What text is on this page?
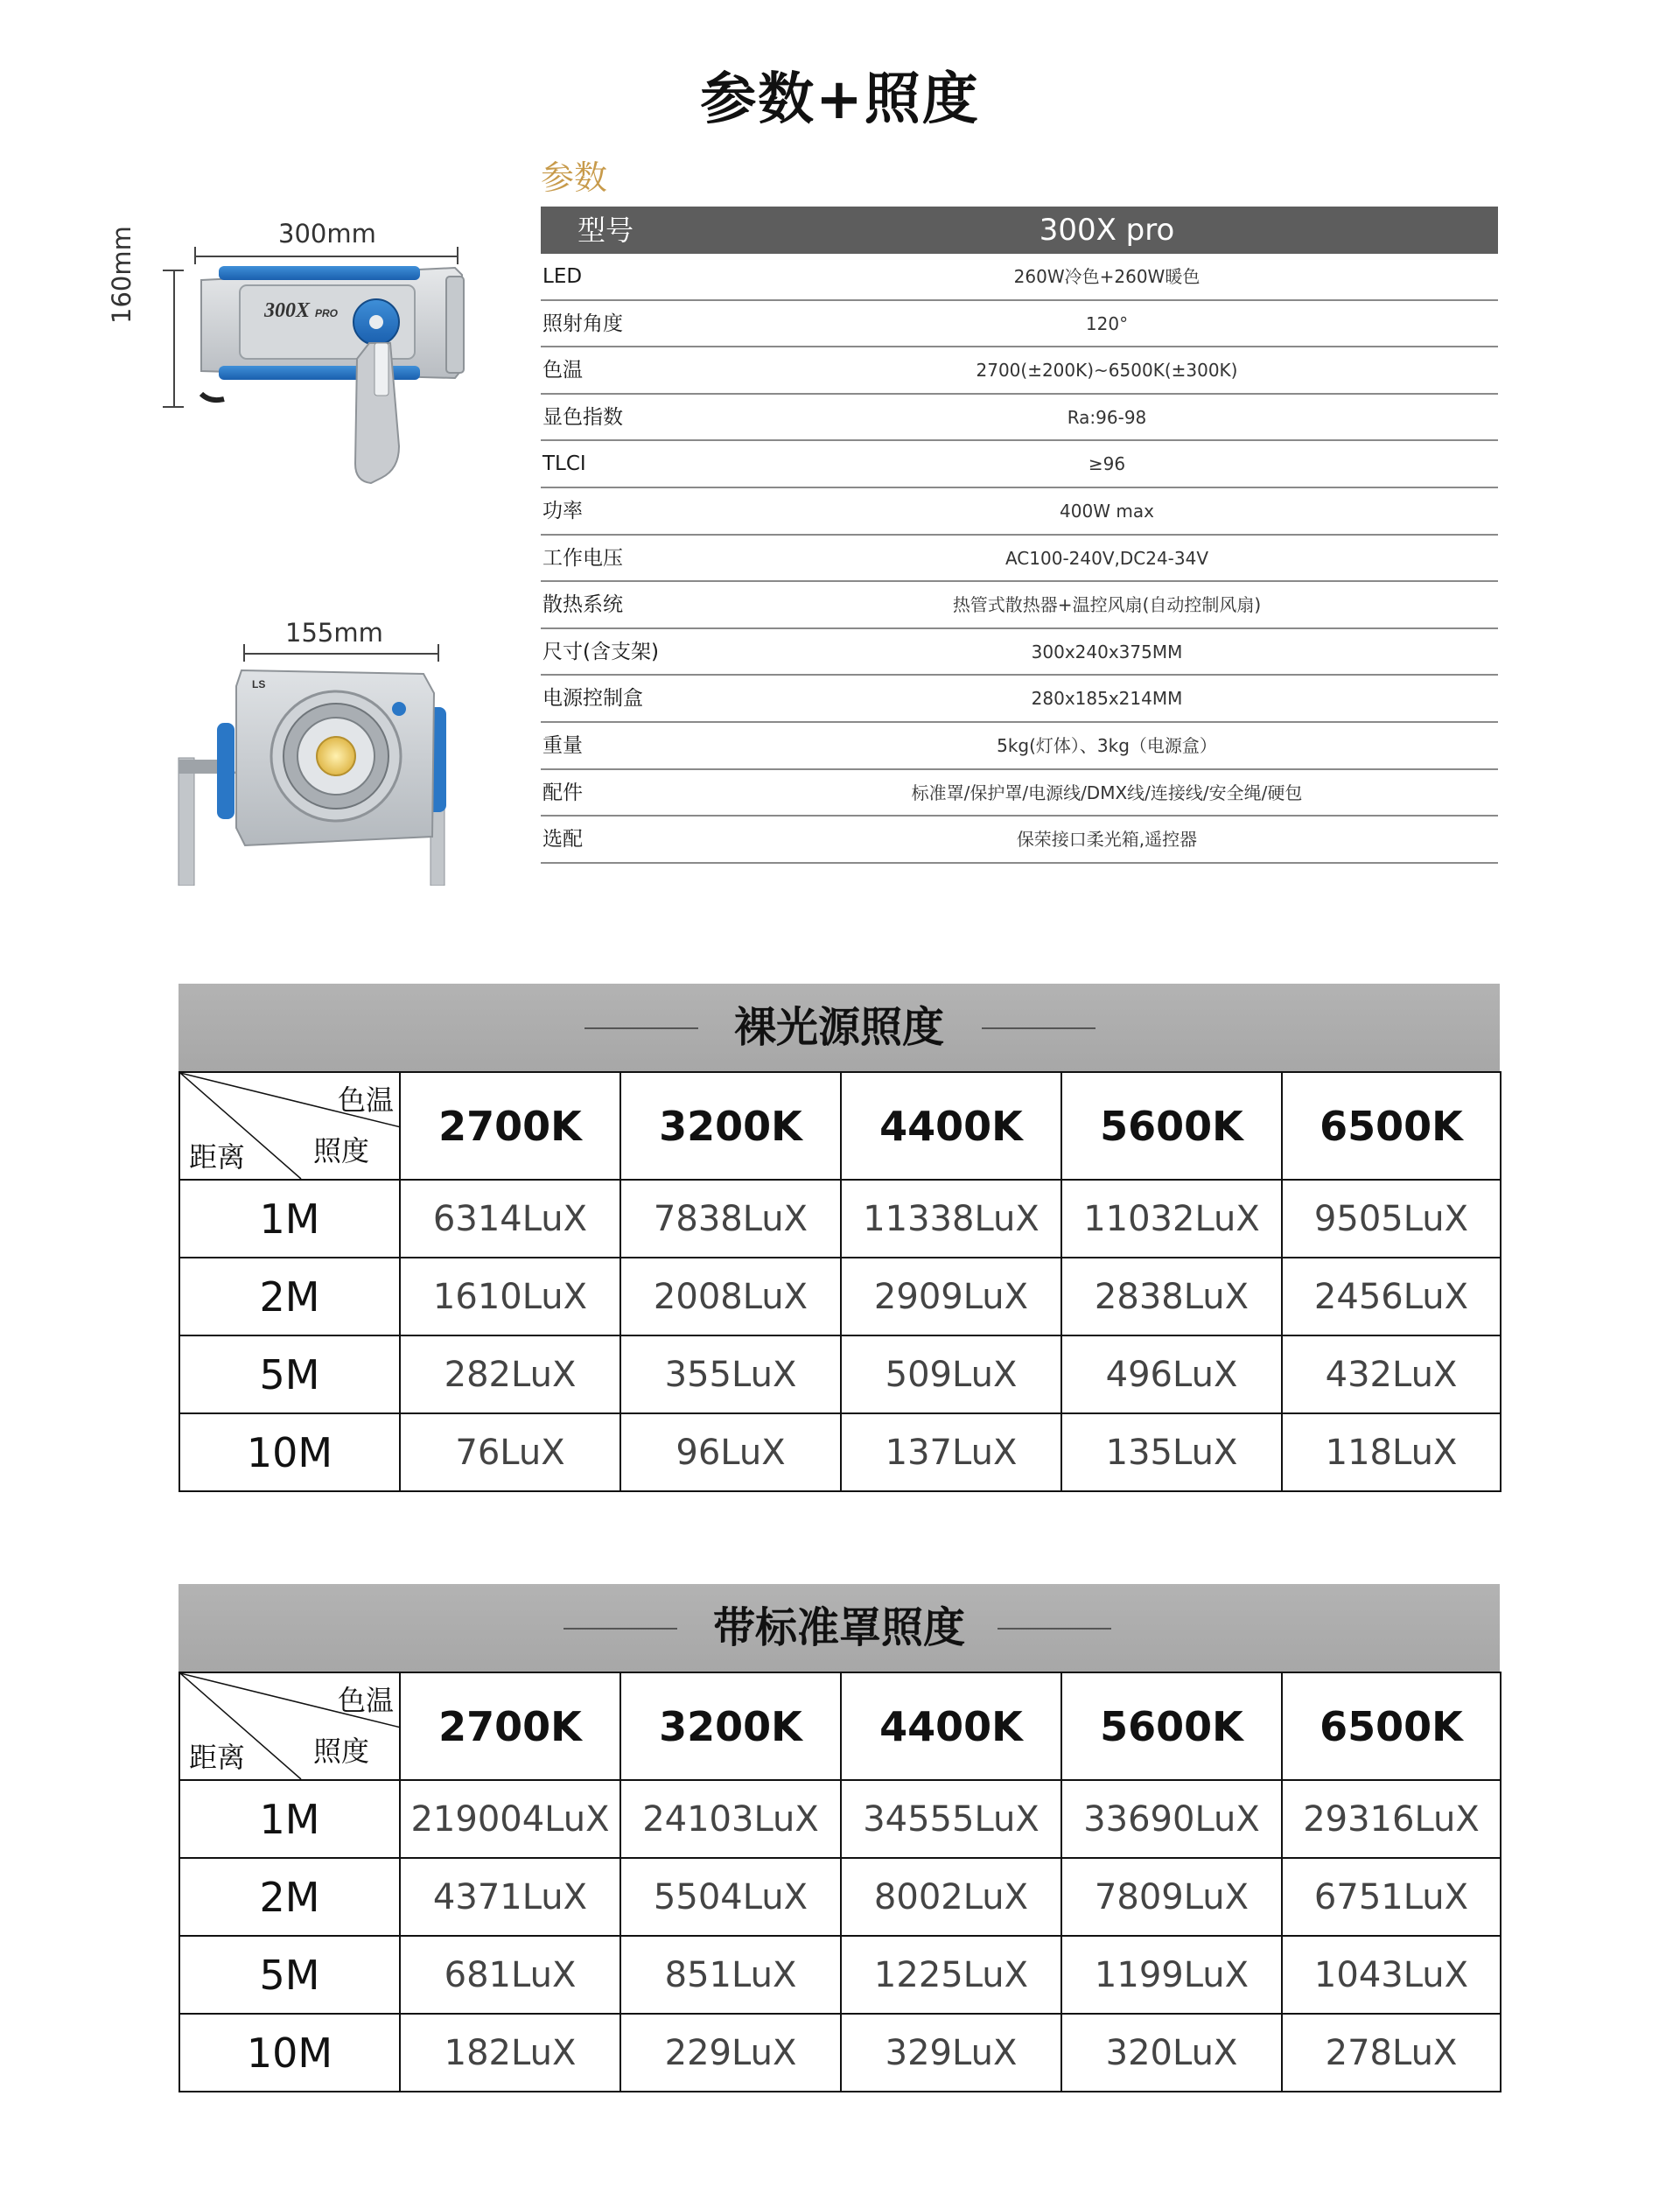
参数+照度
300mm
160mm	300X PRO
155mm
LS
参数
型号	300X pro
LED	260W冷色+260W暖色
照射角度	120°
色温	2700(±200K)~6500K(±300K)
显色指数	Ra:96-98
TLCI	≥96
功率	400W max
工作电压	AC100-240V,DC24-34V
散热系统	热管式散热器+温控风扇(自动控制风扇)
尺寸(含支架)	300x240x375MM
电源控制盒	280x185x214MM
重量	5kg(灯体）、3kg（电源盒）
配件	标准罩/保护罩/电源线/DMX线/连接线/安全绳/硬包
选配	保荣接口柔光箱,遥控器
裸光源照度
色温
照度
距离	2700K	3200K	4400K	5600K	6500K
1M	6314LuX	7838LuX	11338LuX	11032LuX	9505LuX
2M	1610LuX	2008LuX	2909LuX	2838LuX	2456LuX
5M	282LuX	355LuX	509LuX	496LuX	432LuX
10M	76LuX	96LuX	137LuX	135LuX	118LuX
带标准罩照度
色温
照度
距离	2700K	3200K	4400K	5600K	6500K
1M	219004LuX	24103LuX	34555LuX	33690LuX	29316LuX
2M	4371LuX	5504LuX	8002LuX	7809LuX	6751LuX
5M	681LuX	851LuX	1225LuX	1199LuX	1043LuX
10M	182LuX	229LuX	329LuX	320LuX	278LuX
